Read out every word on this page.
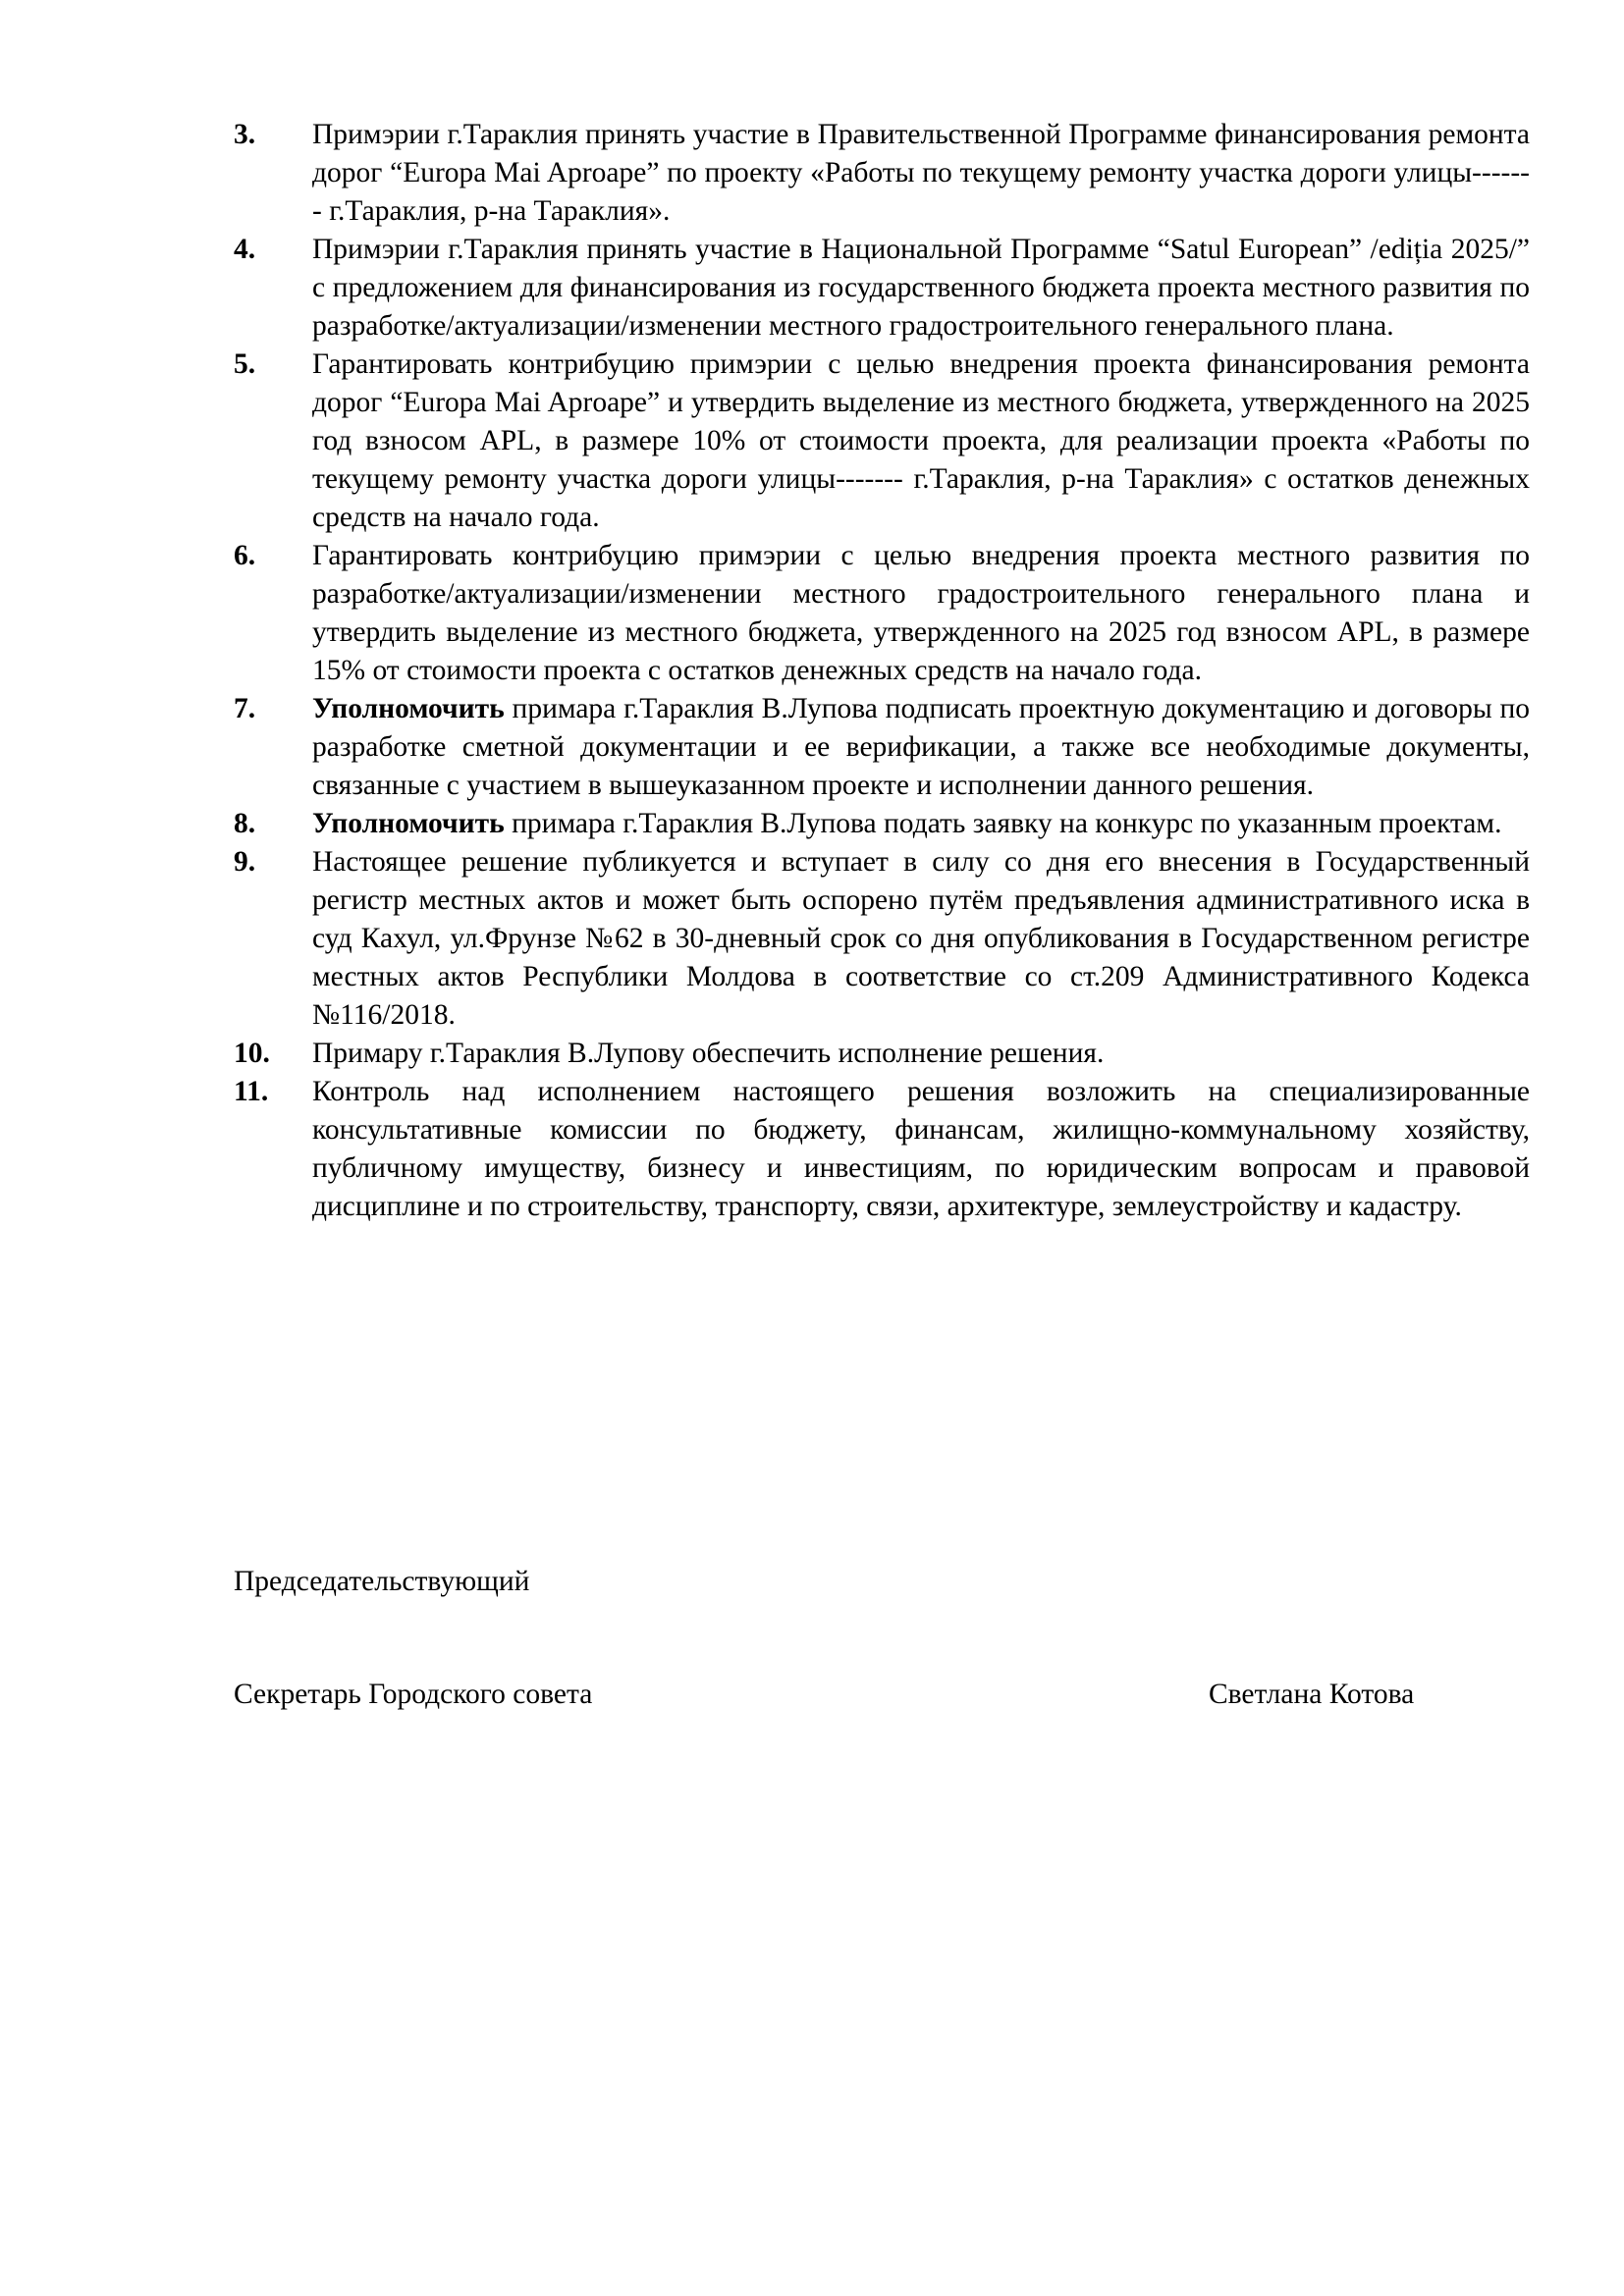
3.	Примэрии г.Тараклия принять участие в Правительственной Программе финансирования ремонта дорог “Europa Mai Aproape” по проекту «Работы по текущему ремонту участка дороги улицы------- г.Тараклия, р-на Тараклия».
4.	Примэрии г.Тараклия принять участие в Национальной Программе “Satul European” /ediția 2025/” с предложением для финансирования из государственного бюджета проекта местного развития по разработке/актуализации/изменении местного градостроительного генерального плана.
5.	Гарантировать контрибуцию примэрии с целью внедрения проекта финансирования ремонта дорог “Europa Mai Aproape” и утвердить выделение из местного бюджета, утвержденного на 2025 год взносом APL, в размере 10% от стоимости проекта, для реализации проекта «Работы по текущему ремонту участка дороги улицы------- г.Тараклия, р-на Тараклия» с остатков денежных средств на начало года.
6.	Гарантировать контрибуцию примэрии с целью внедрения проекта местного развития по разработке/актуализации/изменении местного градостроительного генерального плана и утвердить выделение из местного бюджета, утвержденного на 2025 год взносом APL, в размере 15% от стоимости проекта с остатков денежных средств на начало года.
7.	Уполномочить примара г.Тараклия В.Лупова подписать проектную документацию и договоры по разработке сметной документации и ее верификации, а также все необходимые документы, связанные с участием в вышеуказанном проекте и исполнении данного решения.
8.	Уполномочить примара г.Тараклия В.Лупова подать заявку на конкурс по указанным проектам.
9.	Настоящее решение публикуется и вступает в силу со дня его внесения в Государственный регистр местных актов и может быть оспорено путём предъявления административного иска в суд Кахул, ул.Фрунзе №62 в 30-дневный срок со дня опубликования в Государственном регистре местных актов Республики Молдова в соответствие со ст.209 Административного Кодекса №116/2018.
10.	Примару г.Тараклия В.Лупову обеспечить исполнение решения.
11.	Контроль над исполнением настоящего решения возложить на специализированные консультативные комиссии по бюджету, финансам, жилищно-коммунальному хозяйству, публичному имуществу, бизнесу и инвестициям, по юридическим вопросам и правовой дисциплине и по строительству, транспорту, связи, архитектуре, землеустройству и кадастру.
Председательствующий
Секретарь Городского совета	Светлана Котова
